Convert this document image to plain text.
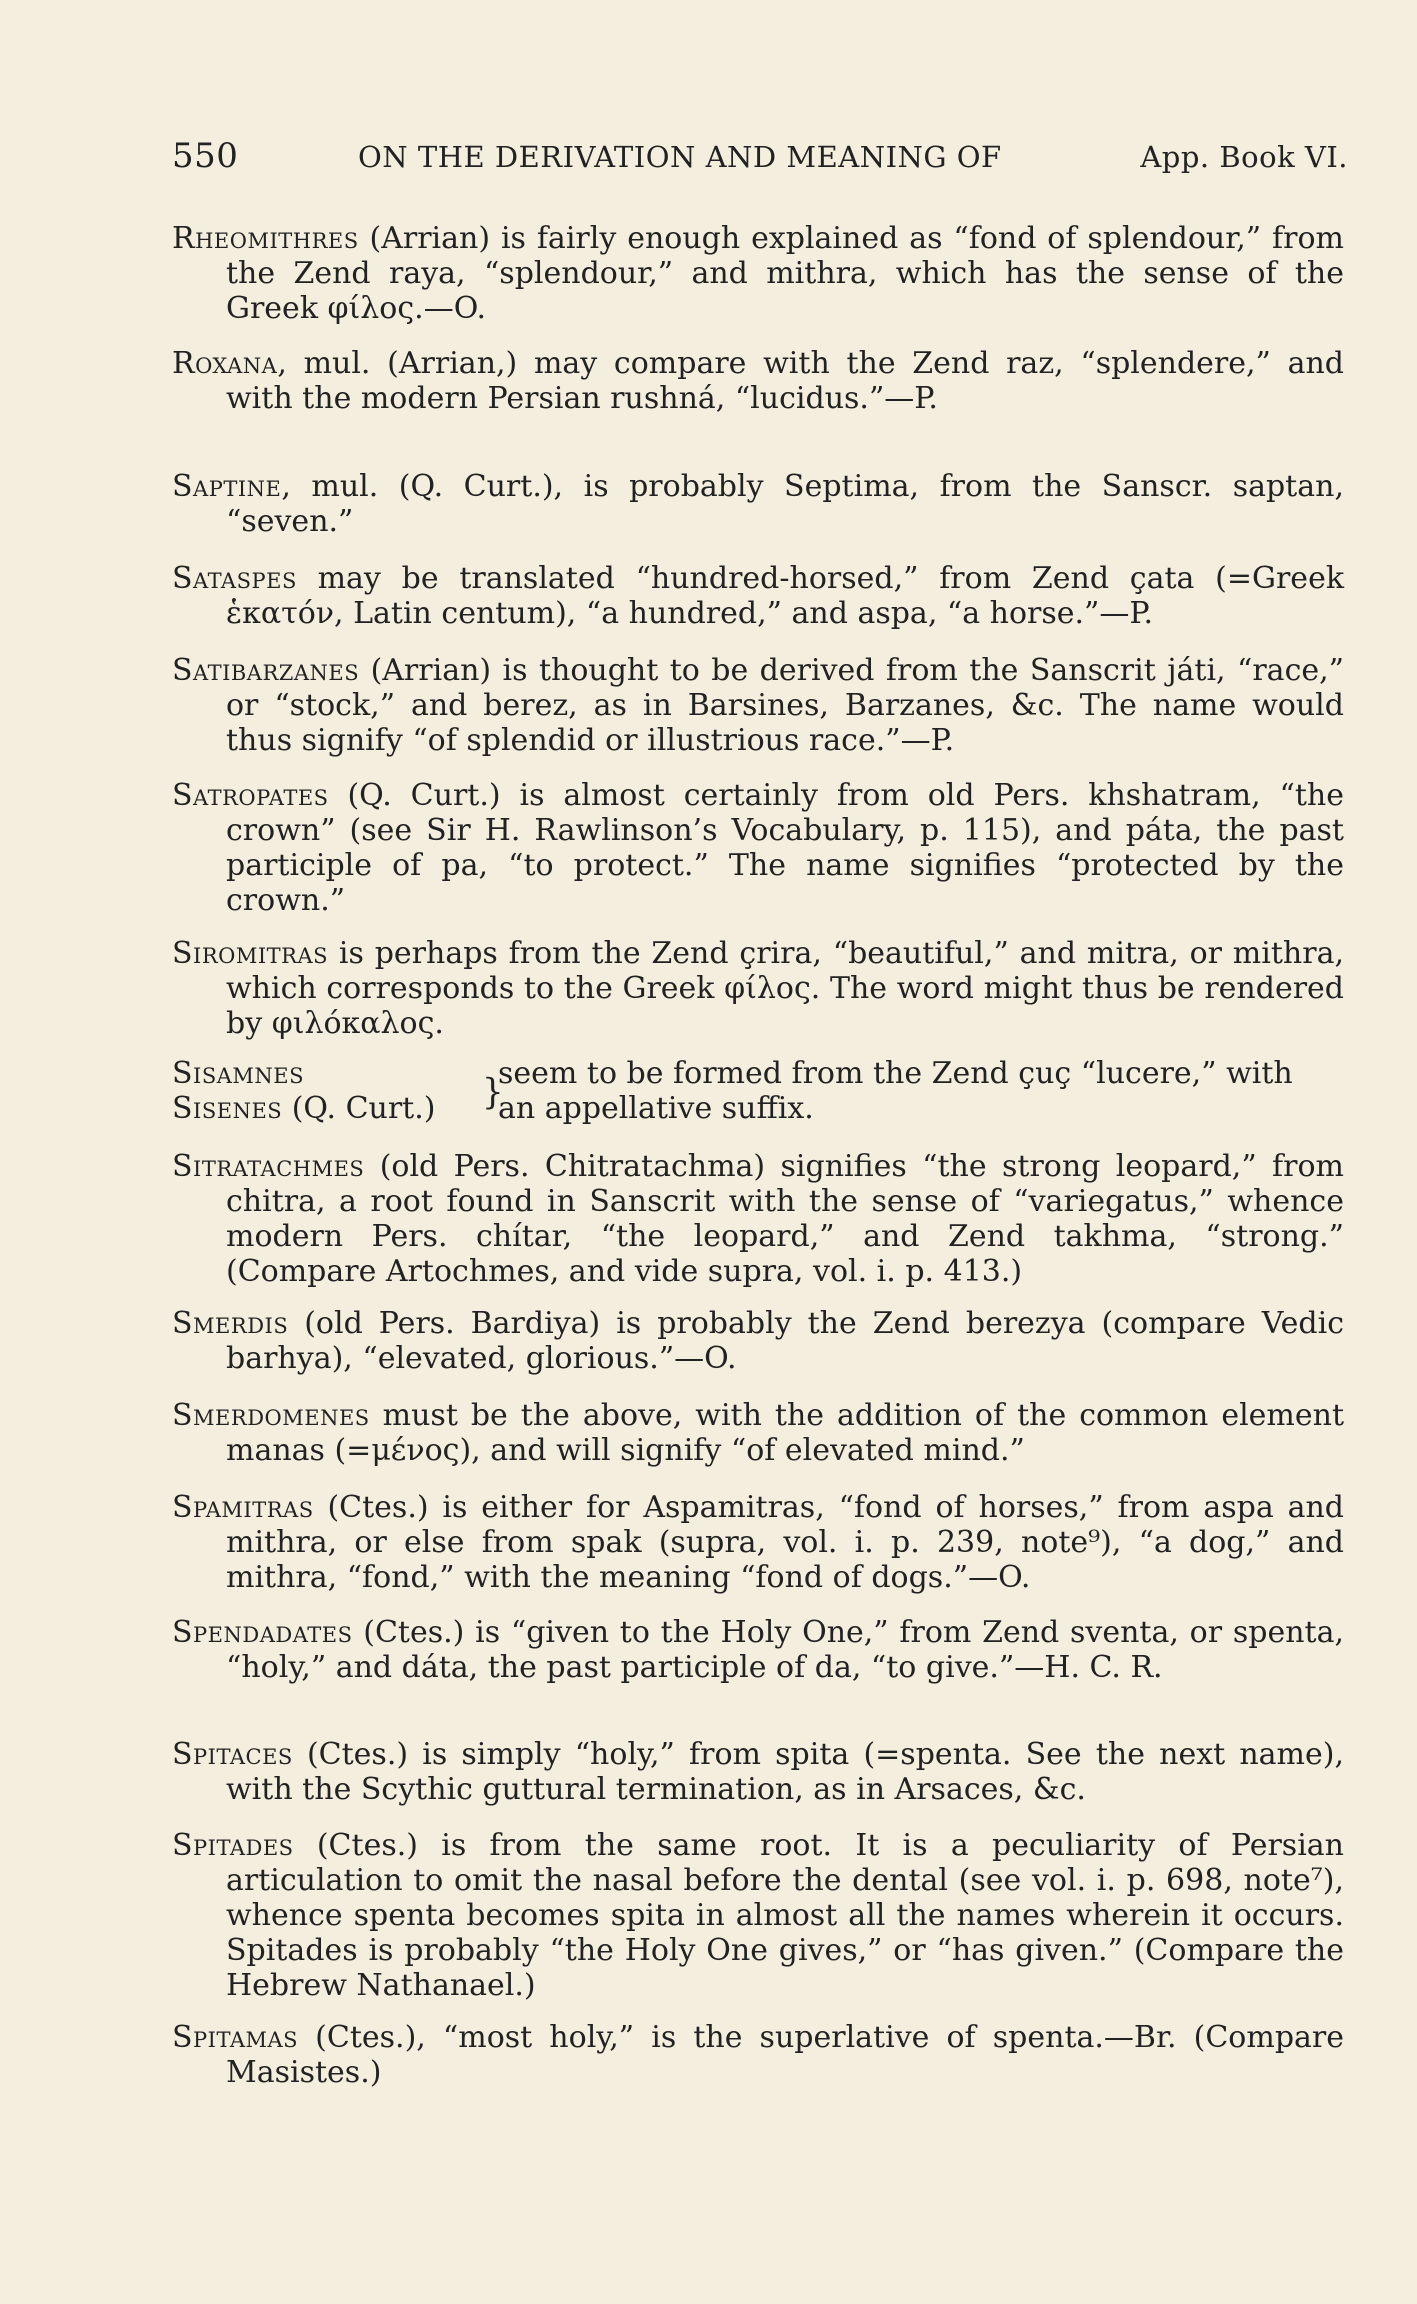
550	ON THE DERIVATION AND MEANING OF	App. Book VI.

Rheomithres (Arrian) is fairly enough explained as “fond of splendour,” from the Zend raya, “splendour,” and mithra, which has the sense of the Greek φίλος.—O.

Roxana, mul. (Arrian,) may compare with the Zend raz, “splendere,” and with the modern Persian rushná, “lucidus.”—P.

Saptine, mul. (Q. Curt.), is probably Septima, from the Sanscr. saptan, “seven.”

Sataspes may be translated “hundred-horsed,” from Zend çata (=Greek ἑκατόν, Latin centum), “a hundred,” and aspa, “a horse.”—P.

Satibarzanes (Arrian) is thought to be derived from the Sanscrit játi, “race,” or “stock,” and berez, as in Barsines, Barzanes, &c. The name would thus signify “of splendid or illustrious race.”—P.

Satropates (Q. Curt.) is almost certainly from old Pers. khshatram, “the crown” (see Sir H. Rawlinson’s Vocabulary, p. 115), and páta, the past participle of pa, “to protect.” The name signifies “protected by the crown.”

Siromitras is perhaps from the Zend çrira, “beautiful,” and mitra, or mithra, which corresponds to the Greek φίλος. The word might thus be rendered by φιλόκαλος.

Sisamnes
Sisenes (Q. Curt.)	}
seem to be formed from the Zend çuç “lucere,” with
an appellative suffix.

Sitratachmes (old Pers. Chitratachma) signifies “the strong leopard,” from chitra, a root found in Sanscrit with the sense of “variegatus,” whence modern Pers. chítar, “the leopard,” and Zend takhma, “strong.” (Compare Artochmes, and vide supra, vol. i. p. 413.)

Smerdis (old Pers. Bardiya) is probably the Zend berezya (compare Vedic barhya), “elevated, glorious.”—O.

Smerdomenes must be the above, with the addition of the common element manas (=μένος), and will signify “of elevated mind.”

Spamitras (Ctes.) is either for Aspamitras, “fond of horses,” from aspa and mithra, or else from spak (supra, vol. i. p. 239, note⁹), “a dog,” and mithra, “fond,” with the meaning “fond of dogs.”—O.

Spendadates (Ctes.) is “given to the Holy One,” from Zend sventa, or spenta, “holy,” and dáta, the past participle of da, “to give.”—H. C. R.

Spitaces (Ctes.) is simply “holy,” from spita (=spenta. See the next name), with the Scythic guttural termination, as in Arsaces, &c.

Spitades (Ctes.) is from the same root. It is a peculiarity of Persian articulation to omit the nasal before the dental (see vol. i. p. 698, note⁷), whence spenta becomes spita in almost all the names wherein it occurs. Spitades is probably “the Holy One gives,” or “has given.” (Compare the Hebrew Nathanael.)

Spitamas (Ctes.), “most holy,” is the superlative of spenta.—Br. (Compare Masistes.)
